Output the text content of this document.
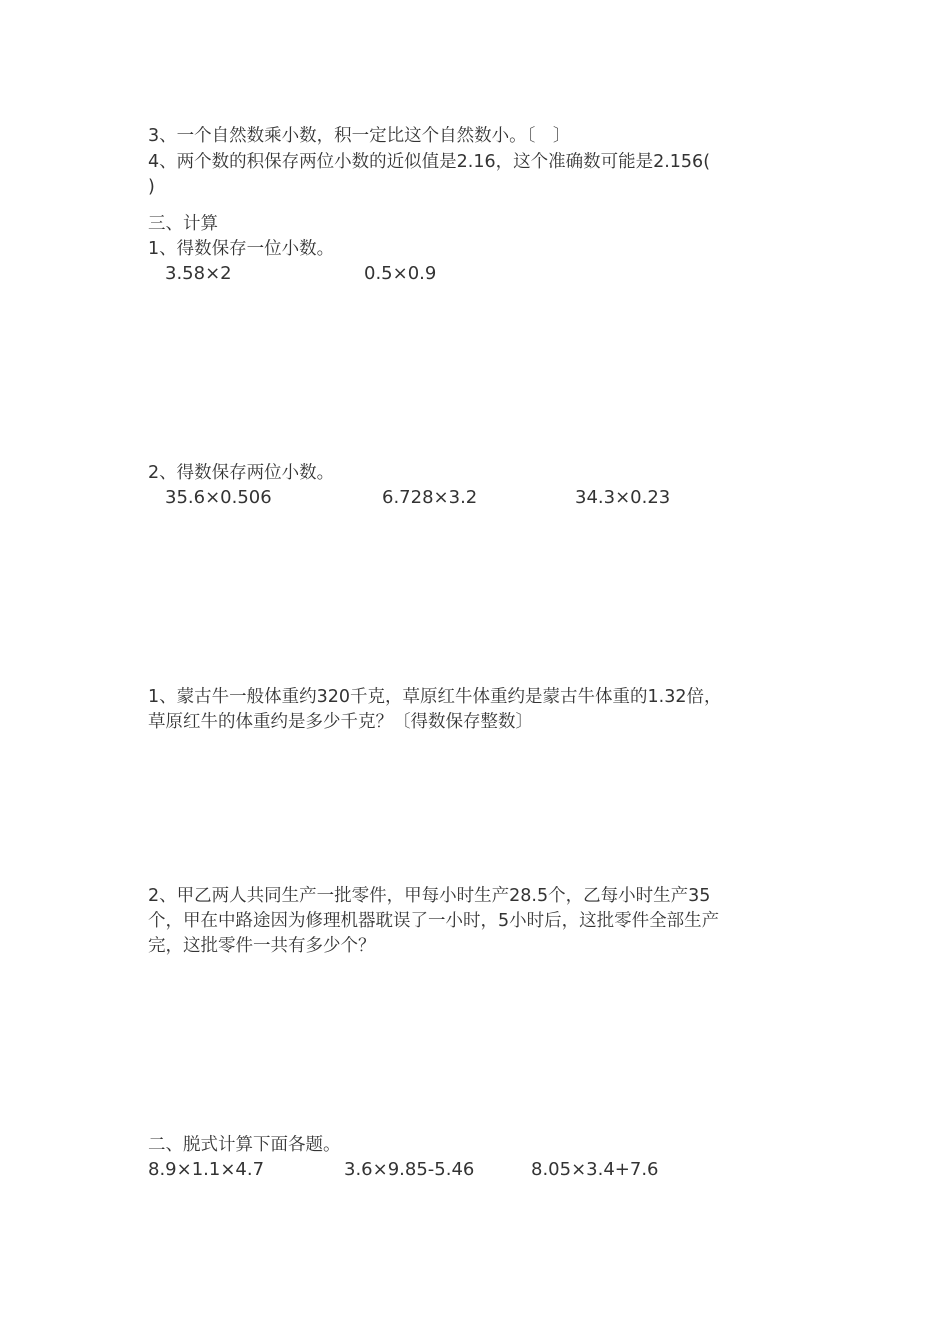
3、一个自然数乘小数，积一定比这个自然数小。〔　〕
4、两个数的积保存两位小数的近似值是2.16，这个准确数可能是2.156(
)
三、计算
1、得数保存一位小数。
3.58×2	0.5×0.9
2、得数保存两位小数。
35.6×0.506	6.728×3.2	34.3×0.23
1、蒙古牛一般体重约320千克，草原红牛体重约是蒙古牛体重的1.32倍，
草原红牛的体重约是多少千克？〔得数保存整数〕
2、甲乙两人共同生产一批零件，甲每小时生产28.5个，乙每小时生产35
个，甲在中路途因为修理机器耽误了一小时，5小时后，这批零件全部生产
完，这批零件一共有多少个？
二、脱式计算下面各题。
8.9×1.1×4.7	3.6×9.85-5.46	8.05×3.4+7.6
